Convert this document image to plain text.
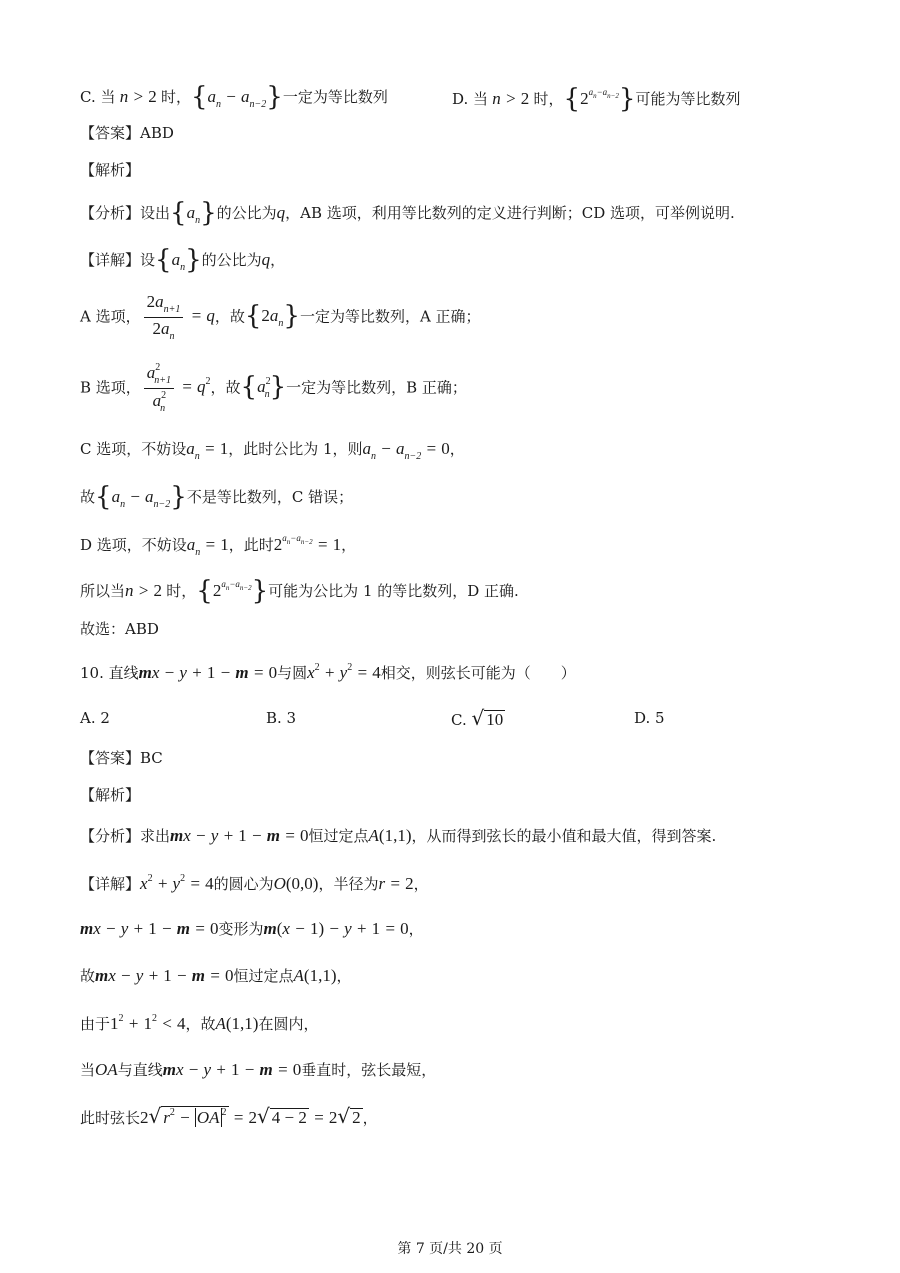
C. 当 n > 2 时，$\{a_n - a_{n-2}\}$一定为等比数列	D. 当 n > 2 时，$\{2^{a_n-a_{n-2}}\}$可能为等比数列
【答案】ABD
【解析】
【分析】设出$\{a_n\}$的公比为q，AB 选项，利用等比数列的定义进行判断；CD 选项，可举例说明.
【详解】设$\{a_n\}$的公比为q，
A 选项， $\frac{2a_{n+1}}{2a_n} = q$，故$\{2a_n\}$一定为等比数列，A 正确；
B 选项， $\frac{a^2_{n+1}}{a^2_n} = q^2$，故$\{a^2_n\}$一定为等比数列，B 正确；
C 选项，不妨设$a_n = 1$，此时公比为 1，则$a_n - a_{n-2} = 0$，
故$\{a_n - a_{n-2}\}$不是等比数列，C 错误；
D 选项，不妨设$a_n = 1$，此时$2^{a_n-a_{n-2}} = 1$，
所以当n > 2 时，$\{2^{a_n-a_{n-2}}\}$可能为公比为 1 的等比数列，D 正确.
故选：ABD
10. 直线mx − y + 1 − m = 0与圆$x^2 + y^2 = 4$相交，则弦长可能为（　　）
A. 2	B. 3	C. √ 10	D. 5
【答案】BC
【解析】
【分析】求出mx − y + 1 − m = 0恒过定点A(1,1)，从而得到弦长的最小值和最大值，得到答案.
【详解】$x^2 + y^2 = 4$的圆心为O(0,0)，半径为r = 2，
mx − y + 1 − m = 0变形为m(x − 1) − y + 1 = 0，
故mx − y + 1 − m = 0恒过定点A(1,1)，
由于$1^2 + 1^2 < 4$，故A(1,1)在圆内，
当OA与直线mx − y + 1 − m = 0垂直时，弦长最短，
此时弦长2√ $r^2$ − OA $^2$ = 2√ 4 − 2 = 2√ 2 ，
第 7 页/共 20 页
